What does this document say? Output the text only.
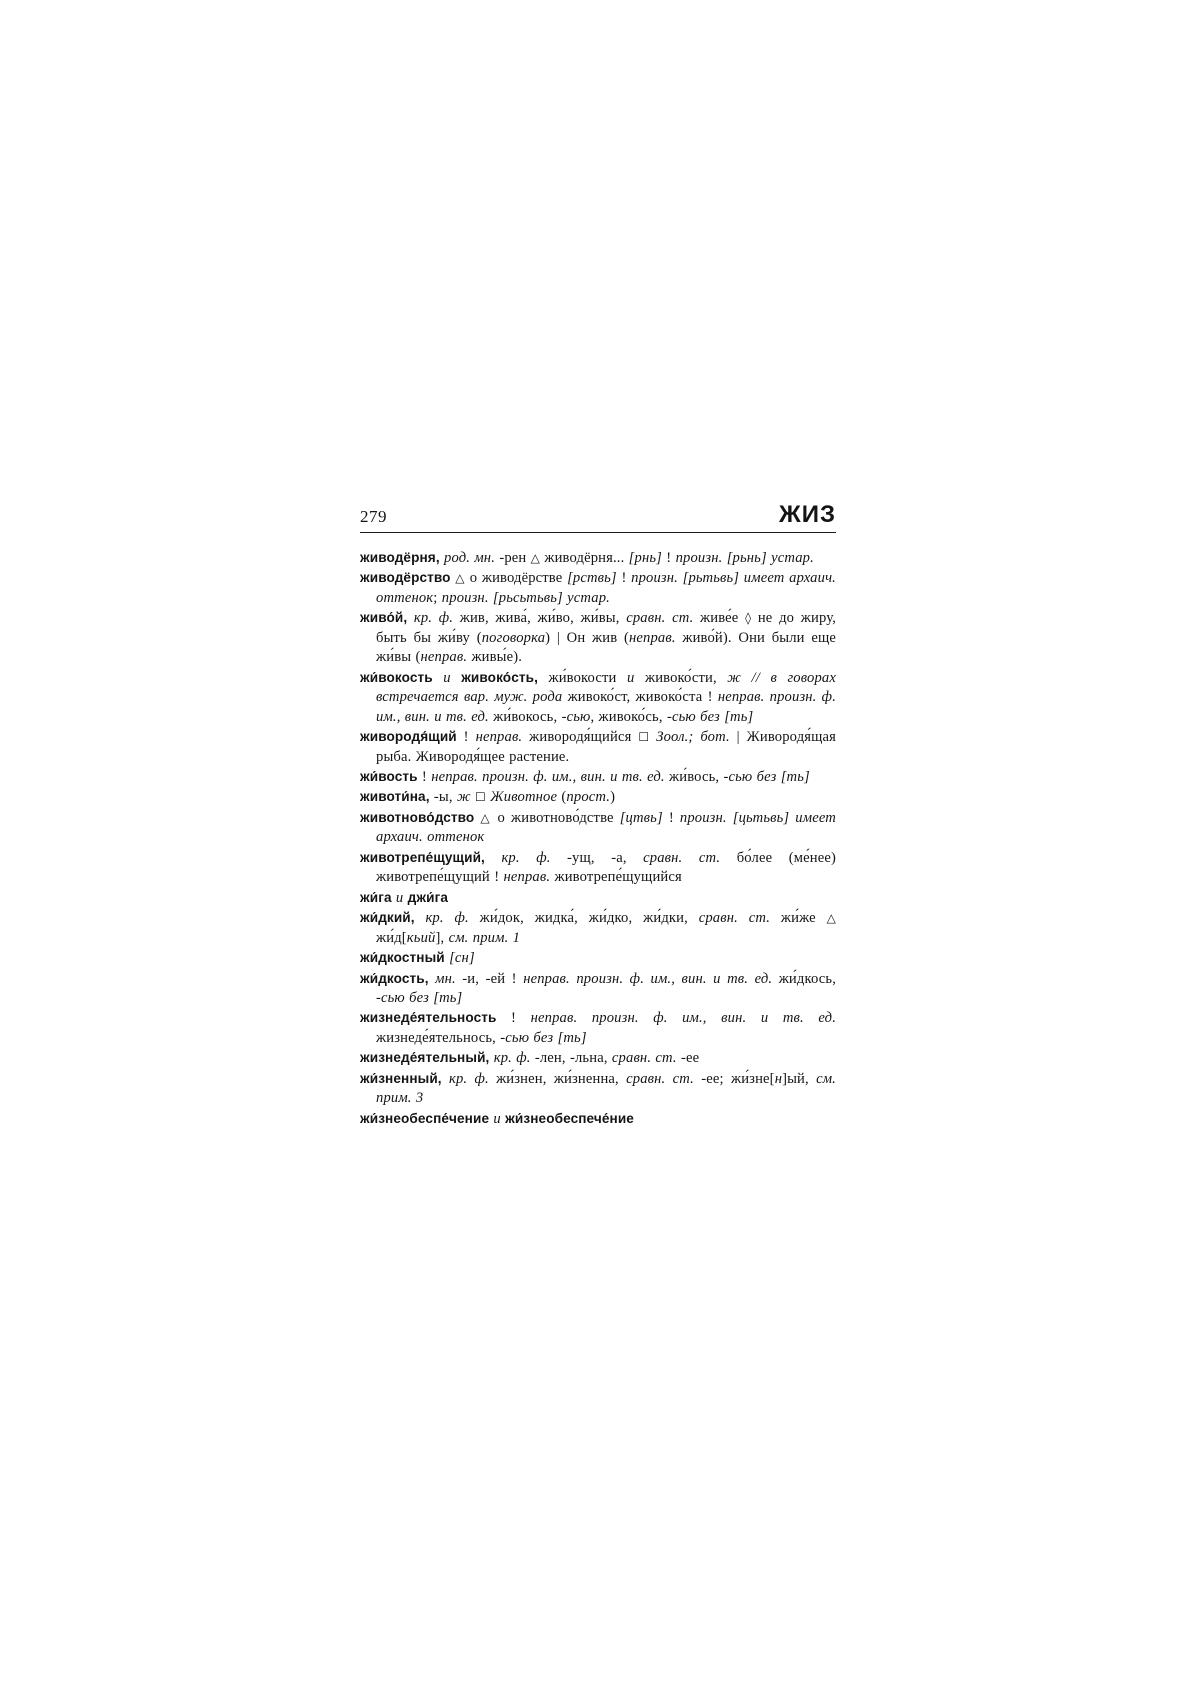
279	ЖИЗ

живодёрня, род. мн. -рен △ живодёрня... [рнь] ! произн. [рьнь] устар.

живодёрство △ о живодёрстве [рствь] ! произн. [рьтьвь] имеет архаич. оттенок; произн. [рьсьтьвь] устар.

живо́й, кр. ф. жив, жива́, жи́во, жи́вы, сравн. ст. живе́е ◊ не до жиру, быть бы жи́ву (поговорка) | Он жив (неправ. живо́й). Они были еще жи́вы (неправ. живы́е).

жи́вокость и живоко́сть, жи́вокости и живоко́сти, ж // в говорах встречается вар. муж. рода живоко́ст, живоко́ста ! неправ. произн. ф. им., вин. и тв. ед. жи́вокось, -сью, живоко́сь, -сью без [ть]

живородя́щий ! неправ. живородя́щийся ☐ Зоол.; бот. | Живородя́щая рыба. Живородя́щее растение.

жи́вость ! неправ. произн. ф. им., вин. и тв. ед. жи́вось, -сью без [ть]

животи́на, -ы, ж ☐ Животное (прост.)

животново́дство △ о животново́дстве [цтвь] ! произн. [цьтьвь] имеет архаич. оттенок

животрепе́щущий, кр. ф. -ущ, -а, сравн. ст. бо́лее (ме́нее) животрепе́щущий ! неправ. животрепе́щущийся

жи́га и джи́га

жи́дкий, кр. ф. жи́док, жидка́, жи́дко, жи́дки, сравн. ст. жи́же △ жи́д[кьий], см. прим. 1

жи́дкостный [сн]

жи́дкость, мн. -и, -ей ! неправ. произн. ф. им., вин. и тв. ед. жи́дкось, -сью без [ть]

жизнеде́ятельность ! неправ. произн. ф. им., вин. и тв. ед. жизнеде́ятельнось, -сью без [ть]

жизнеде́ятельный, кр. ф. -лен, -льна, сравн. ст. -ее

жи́зненный, кр. ф. жи́знен, жи́зненна, сравн. ст. -ее; жи́зне[н]ый, см. прим. 3

жи́знеобеспе́чение и жи́знеобеспече́ние
